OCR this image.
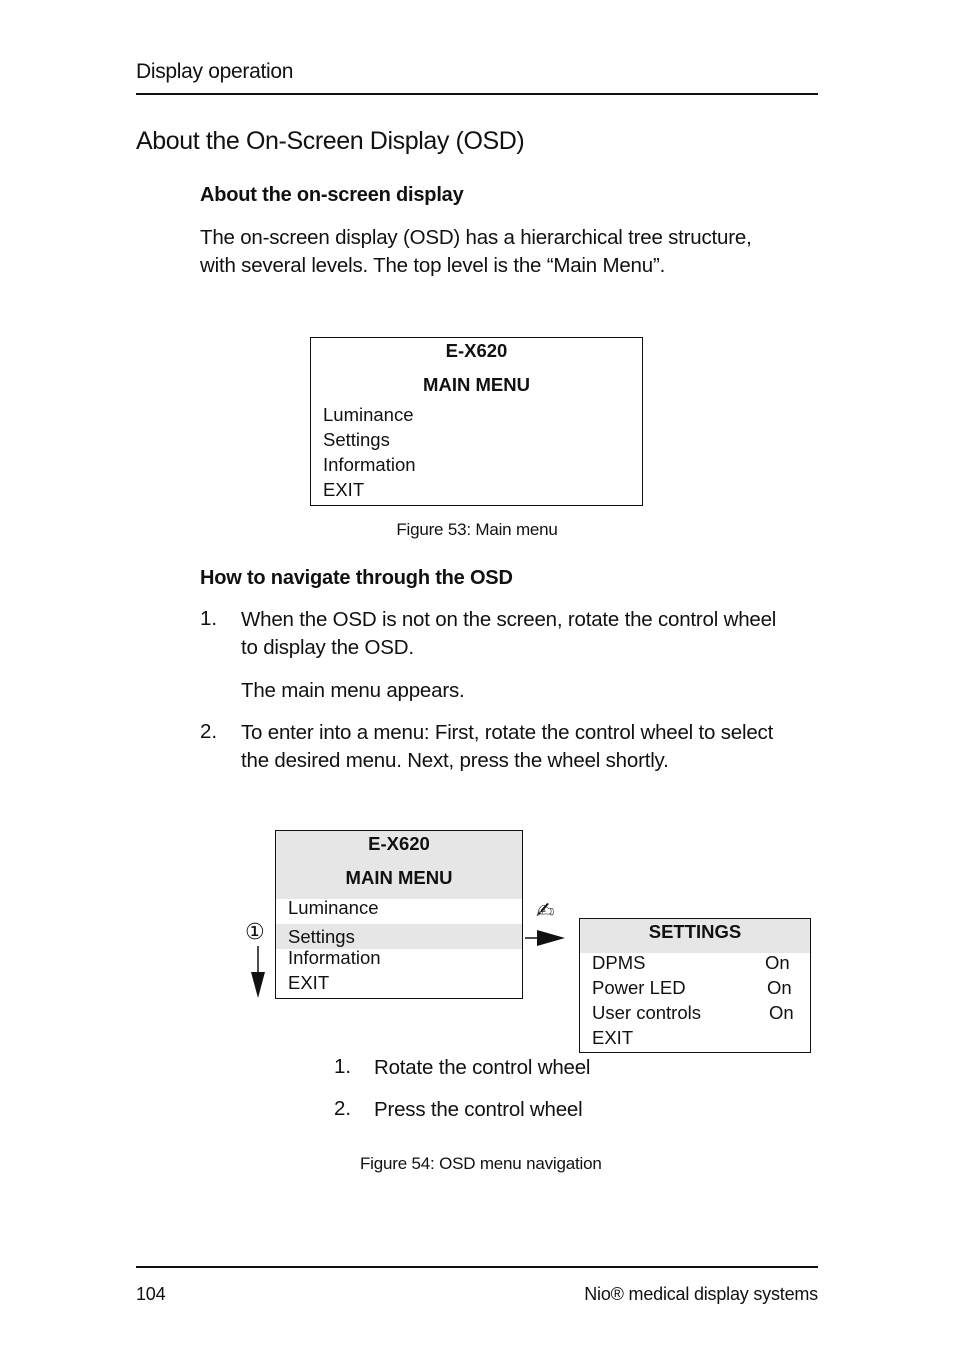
Display operation
About the On-Screen Display (OSD)
About the on-screen display
The on-screen display (OSD) has a hierarchical tree structure,
with several levels. The top level is the “Main Menu”.
E-X620
MAIN MENU
Luminance
Settings
Information
EXIT
Figure 53: Main menu
How to navigate through the OSD
1. When the OSD is not on the screen, rotate the control wheel
to display the OSD.
The main menu appears.
2. To enter into a menu: First, rotate the control wheel to select
the desired menu. Next, press the wheel shortly.
E-X620
MAIN MENU
Luminance
Settings
Information
EXIT
①
✍
SETTINGS
DPMS	On
Power LED	On
User controls	On
EXIT
1. Rotate the control wheel
2. Press the control wheel
Figure 54: OSD menu navigation
104	Nio® medical display systems
